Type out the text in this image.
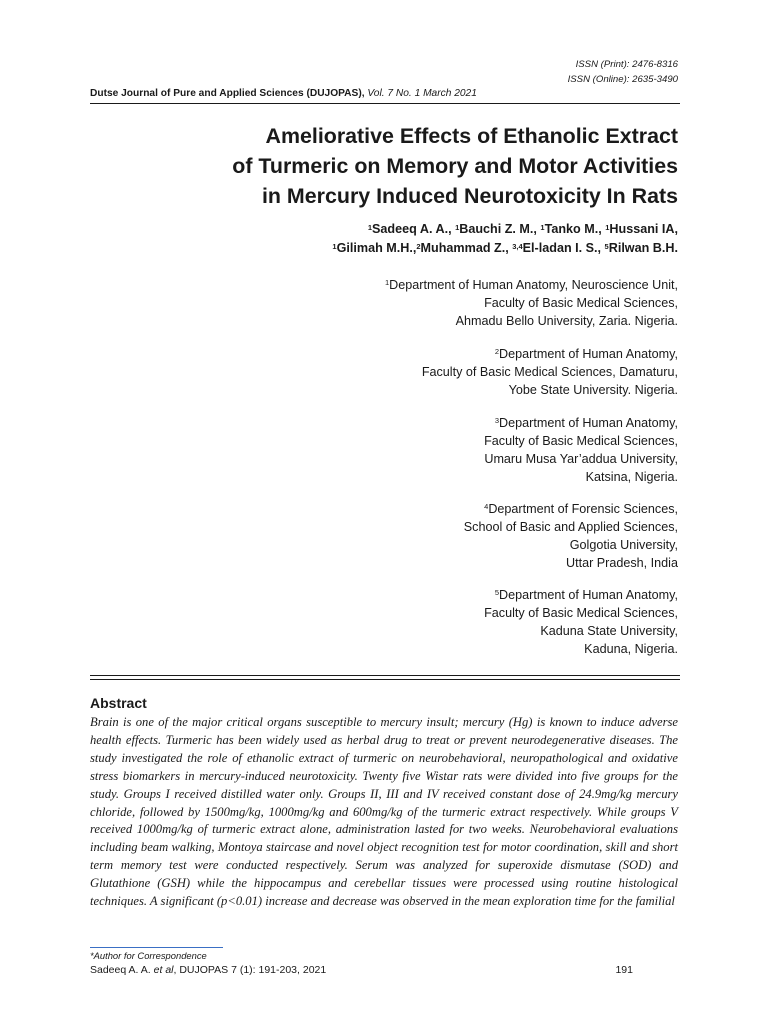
ISSN (Print): 2476-8316
ISSN (Online): 2635-3490
Dutse Journal of Pure and Applied Sciences (DUJOPAS), Vol. 7 No. 1 March 2021
Ameliorative Effects of Ethanolic Extract
of Turmeric on Memory and Motor Activities
in Mercury Induced Neurotoxicity In Rats
$^1$Sadeeq A. A., $^1$Bauchi Z. M., $^1$Tanko M., $^1$Hussani IA,
$^1$Gilimah M.H.,$^2$Muhammad Z., $^{3,4}$El-ladan I. S., $^5$Rilwan B.H.
$^1$Department of Human Anatomy, Neuroscience Unit,
Faculty of Basic Medical Sciences,
Ahmadu Bello University, Zaria. Nigeria.
$^2$Department of Human Anatomy,
Faculty of Basic Medical Sciences, Damaturu,
Yobe State University. Nigeria.
$^3$Department of Human Anatomy,
Faculty of Basic Medical Sciences,
Umaru Musa Yar’addua University,
Katsina, Nigeria.
$^4$Department of Forensic Sciences,
School of Basic and Applied Sciences,
Golgotia University,
Uttar Pradesh, India
$^5$Department of Human Anatomy,
Faculty of Basic Medical Sciences,
Kaduna State University,
Kaduna, Nigeria.
Abstract

Brain is one of the major critical organs susceptible to mercury insult; mercury (Hg) is known to induce adverse health effects. Turmeric has been widely used as herbal drug to treat or prevent neurodegenerative diseases. The study investigated the role of ethanolic extract of turmeric on neurobehavioral, neuropathological and oxidative stress biomarkers in mercury-induced neurotoxicity. Twenty five Wistar rats were divided into five groups for the study. Groups I received distilled water only. Groups II, III and IV received constant dose of 24.9mg/kg mercury chloride, followed by 1500mg/kg, 1000mg/kg and 600mg/kg of the turmeric extract respectively. While groups V received 1000mg/kg of turmeric extract alone, administration lasted for two weeks. Neurobehavioral evaluations including beam walking, Montoya staircase and novel object recognition test for motor coordination, skill and short term memory test were conducted respectively. Serum was analyzed for superoxide dismutase (SOD) and Glutathione (GSH) while the hippocampus and cerebellar tissues were processed using routine histological techniques. A significant (p<0.01) increase and decrease was observed in the mean exploration time for the familial

*Author for Correspondence
Sadeeq A. A. et al, DUJOPAS 7 (1): 191-203, 2021	191
